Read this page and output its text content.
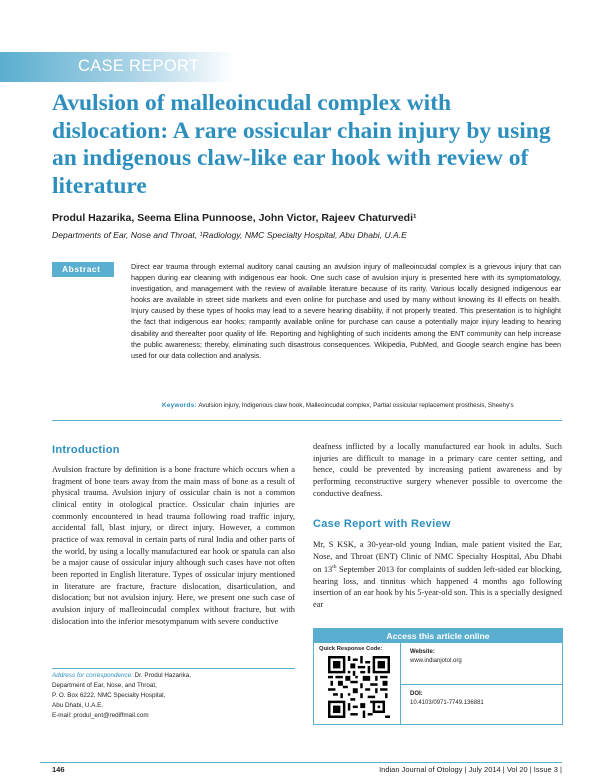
CASE REPORT
Avulsion of malleoincudal complex with dislocation: A rare ossicular chain injury by using an indigenous claw-like ear hook with review of literature
Produl Hazarika, Seema Elina Punnoose, John Victor, Rajeev Chaturvedi¹
Departments of Ear, Nose and Throat, ¹Radiology, NMC Specialty Hospital, Abu Dhabi, U.A.E
Abstract	Direct ear trauma through external auditory canal causing an avulsion injury of malleoincudal complex is a grievous injury that can happen during ear cleaning with indigenous ear hook. One such case of avulsion injury is presented here with its symptomatology, investigation, and management with the review of available literature because of its rarity. Various locally designed indigenous ear hooks are available in street side markets and even online for purchase and used by many without knowing its ill effects on health. Injury caused by these types of hooks may lead to a severe hearing disability, if not properly treated. This presentation is to highlight the fact that indigenous ear hooks; rampantly available online for purchase can cause a potentially major injury leading to hearing disability and thereafter poor quality of life. Reporting and highlighting of such incidents among the ENT community can help increase the public awareness; thereby, eliminating such disastrous consequences. Wikipedia, PubMed, and Google search engine has been used for our data collection and analysis.
Keywords: Avulsion injury, Indigenous claw hook, Malleoincudal complex, Partial ossicular replacement prosthesis, Sheehy's
Introduction
Avulsion fracture by definition is a bone fracture which occurs when a fragment of bone tears away from the main mass of bone as a result of physical trauma. Avulsion injury of ossicular chain is not a common clinical entity in otological practice. Ossicular chain injuries are commonly encountered in head trauma following road traffic injury, accidental fall, blast injury, or direct injury. However, a common practice of wax removal in certain parts of rural India and other parts of the world, by using a locally manufactured ear hook or spatula can also be a major cause of ossicular injury although such cases have not often been reported in English literature. Types of ossicular injury mentioned in literature are fracture, fracture dislocation, disarticulation, and dislocation; but not avulsion injury. Here, we present one such case of avulsion injury of malleoincudal complex without fracture, but with dislocation into the inferior mesotympanum with severe conductive
deafness inflicted by a locally manufactured ear hook in adults. Such injuries are difficult to manage in a primary care center setting, and hence, could be prevented by increasing patient awareness and by performing reconstructive surgery whenever possible to overcome the conductive deafness.
Case Report with Review
Mr, S KSK, a 30-year-old young Indian, male patient visited the Ear, Nose, and Throat (ENT) Clinic of NMC Specialty Hospital, Abu Dhabi on 13th September 2013 for complaints of sudden left-sided ear blocking, hearing loss, and tinnitus which happened 4 months ago following insertion of an ear hook by his 5-year-old son. This is a specially designed ear
Address for correspondence: Dr. Produl Hazarika,
Department of Ear, Nose, and Throat,
P. O. Box 6222, NMC Specialty Hospital,
Abu Dhabi, U.A.E.
E-mail: produl_ent@rediffmail.com
Access this article online
Quick Response Code:	Website:
www.indianjotol.org
DOI:
10.4103/0971-7749.136881
146	Indian Journal of Otology | July 2014 | Vol 20 | Issue 3 |
